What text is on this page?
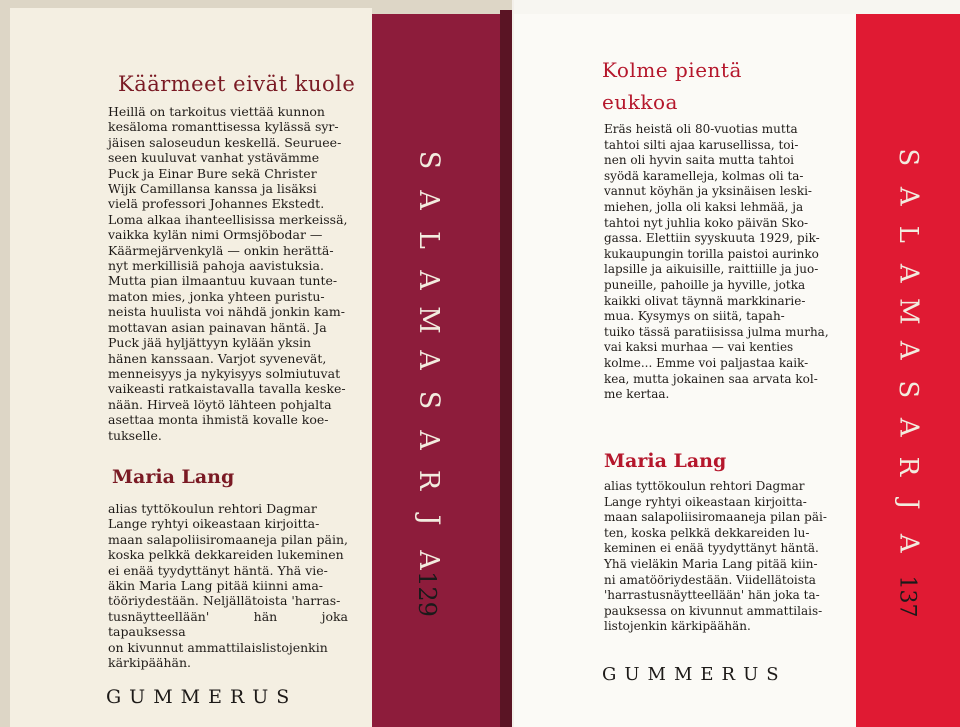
Käärmeet eivät kuole

Heillä on tarkoitus viettää kunnon
kesäloma romanttisessa kylässä syr-
jäisen saloseudun keskellä. Seuruee-
seen kuuluvat vanhat ystävämme
Puck ja Einar Bure sekä Christer
Wijk Camillansa kanssa ja lisäksi
vielä professori Johannes Ekstedt.
Loma alkaa ihanteellisissa merkeissä,
vaikka kylän nimi Ormsjöbodar —
Käärmejärvenkylä — onkin herättä-
nyt merkillisiä pahoja aavistuksia.
Mutta pian ilmaantuu kuvaan tunte-
maton mies, jonka yhteen puristu-
neista huulista voi nähdä jonkin kam-
mottavan asian painavan häntä. Ja
Puck jää hyljättyyn kylään yksin
hänen kanssaan. Varjot syvenevät,
menneisyys ja nykyisyys solmiutuvat
vaikeasti ratkaistavalla tavalla keske-
nään. Hirveä löytö lähteen pohjalta
asettaa monta ihmistä kovalle koe-
tukselle.

Maria Lang

alias tyttökoulun rehtori Dagmar
Lange ryhtyi oikeastaan kirjoitta-
maan salapoliisiromaaneja pilan päin,
koska pelkkä dekkareiden lukeminen
ei enää tyydyttänyt häntä. Yhä vie-
äkin Maria Lang pitää kiinni ama-
tööriydestään. Neljällätoista 'harras-
tusnäytteellään' hän joka tapauksessa
on kivunnut ammattilaislistojenkin
kärkipäähän.

GUMMERUS

S
A
L
A
M
A
S
A
R
J
A
129
Kolme pientä
eukkoa

Eräs heistä oli 80-vuotias mutta
tahtoi silti ajaa karusellissa, toi-
nen oli hyvin saita mutta tahtoi
syödä karamelleja, kolmas oli ta-
vannut köyhän ja yksinäisen leski-
miehen, jolla oli kaksi lehmää, ja
tahtoi nyt juhlia koko päivän Sko-
gassa. Elettiin syyskuuta 1929, pik-
kukaupungin torilla paistoi aurinko
lapsille ja aikuisille, raittiille ja juo-
puneille, pahoille ja hyville, jotka
kaikki olivat täynnä markkinarie-
mua. Kysymys on siitä, tapah-
tuiko tässä paratiisissa julma murha,
vai kaksi murhaa — vai kenties
kolme... Emme voi paljastaa kaik-
kea, mutta jokainen saa arvata kol-
me kertaa.

Maria Lang

alias tyttökoulun rehtori Dagmar
Lange ryhtyi oikeastaan kirjoitta-
maan salapoliisiromaaneja pilan päi-
ten, koska pelkkä dekkareiden lu-
keminen ei enää tyydyttänyt häntä.
Yhä vieläkin Maria Lang pitää kiin-
ni amatööriydestään. Viidellätoista
'harrastusnäytteellään' hän joka ta-
pauksessa on kivunnut ammattilais-
listojenkin kärkipäähän.

GUMMERUS

S
A
L
A
M
A
S
A
R
J
A
137
